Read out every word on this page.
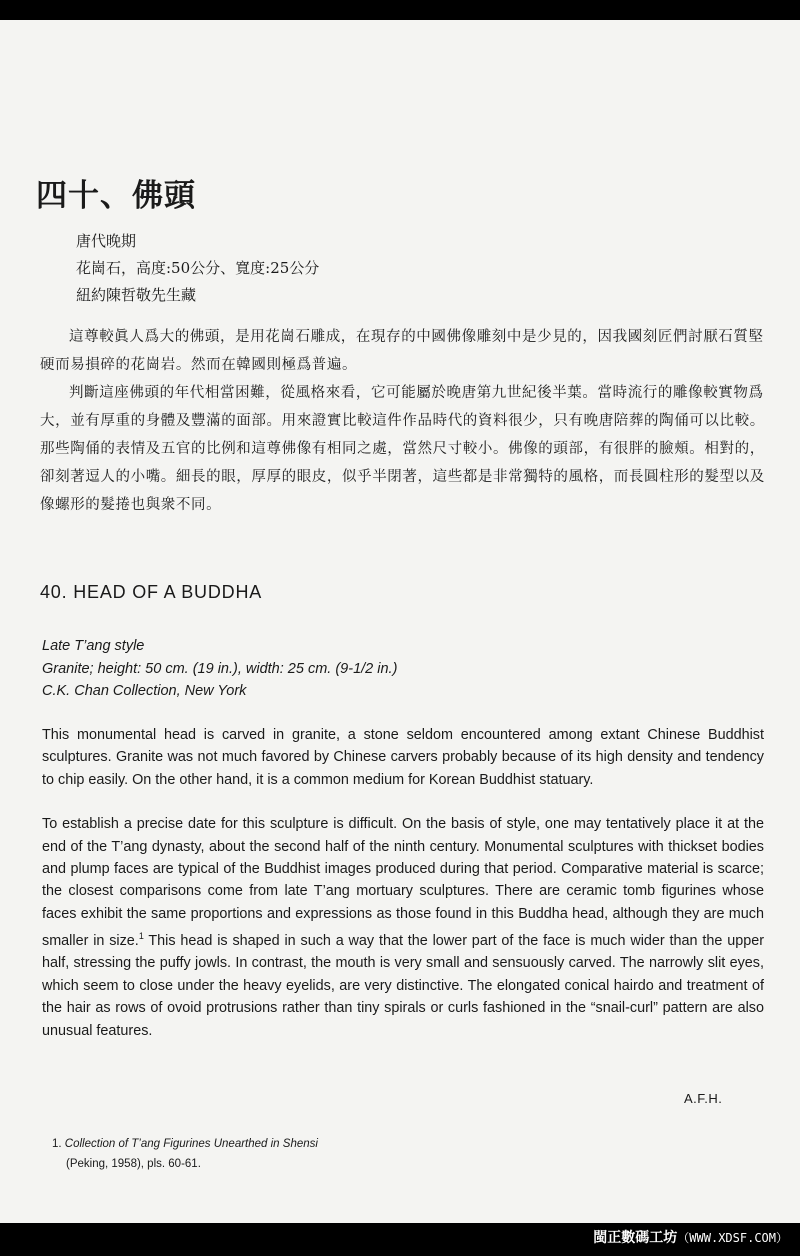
四十、佛頭
唐代晚期
花崗石，高度:50公分、寬度:25公分
紐約陳哲敬先生藏

這尊較眞人爲大的佛頭，是用花崗石雕成，在現存的中國佛像雕刻中是少見的，因我國刻匠們討厭石質堅硬而易損碎的花崗岩。然而在韓國則極爲普遍。

判斷這座佛頭的年代相當困難，從風格來看，它可能屬於晚唐第九世紀後半葉。當時流行的雕像較實物爲大，並有厚重的身體及豐滿的面部。用來證實比較這件作品時代的資料很少，只有晚唐陪葬的陶俑可以比較。那些陶俑的表情及五官的比例和這尊佛像有相同之處，當然尺寸較小。佛像的頭部，有很胖的臉頰。相對的，卻刻著逗人的小嘴。細長的眼，厚厚的眼皮，似乎半閉著，這些都是非常獨特的風格，而長圓柱形的髮型以及像螺形的髮捲也與衆不同。

40. HEAD OF A BUDDHA
Late T’ang style
Granite; height: 50 cm. (19 in.), width: 25 cm. (9-1/2 in.)
C.K. Chan Collection, New York

This monumental head is carved in granite, a stone seldom encountered among extant Chinese Buddhist sculptures. Granite was not much favored by Chinese carvers probably because of its high density and tendency to chip easily. On the other hand, it is a common medium for Korean Buddhist statuary.

To establish a precise date for this sculpture is difficult. On the basis of style, one may tentatively place it at the end of the T’ang dynasty, about the second half of the ninth century. Monumental sculptures with thickset bodies and plump faces are typical of the Buddhist images produced during that period. Comparative material is scarce; the closest comparisons come from late T’ang mortuary sculptures. There are ceramic tomb figurines whose faces exhibit the same proportions and expressions as those found in this Buddha head, although they are much smaller in size.$^1$ This head is shaped in such a way that the lower part of the face is much wider than the upper half, stressing the puffy jowls. In contrast, the mouth is very small and sensuously carved. The narrowly slit eyes, which seem to close under the heavy eyelids, are very distinctive. The elongated conical hairdo and treatment of the hair as rows of ovoid protrusions rather than tiny spirals or curls fashioned in the “snail-curl” pattern are also unusual features.

A.F.H.
1. Collection of T’ang Figurines Unearthed in Shensi
(Peking, 1958), pls. 60-61.
閩正數碼工坊（WWW.XDSF.COM）
